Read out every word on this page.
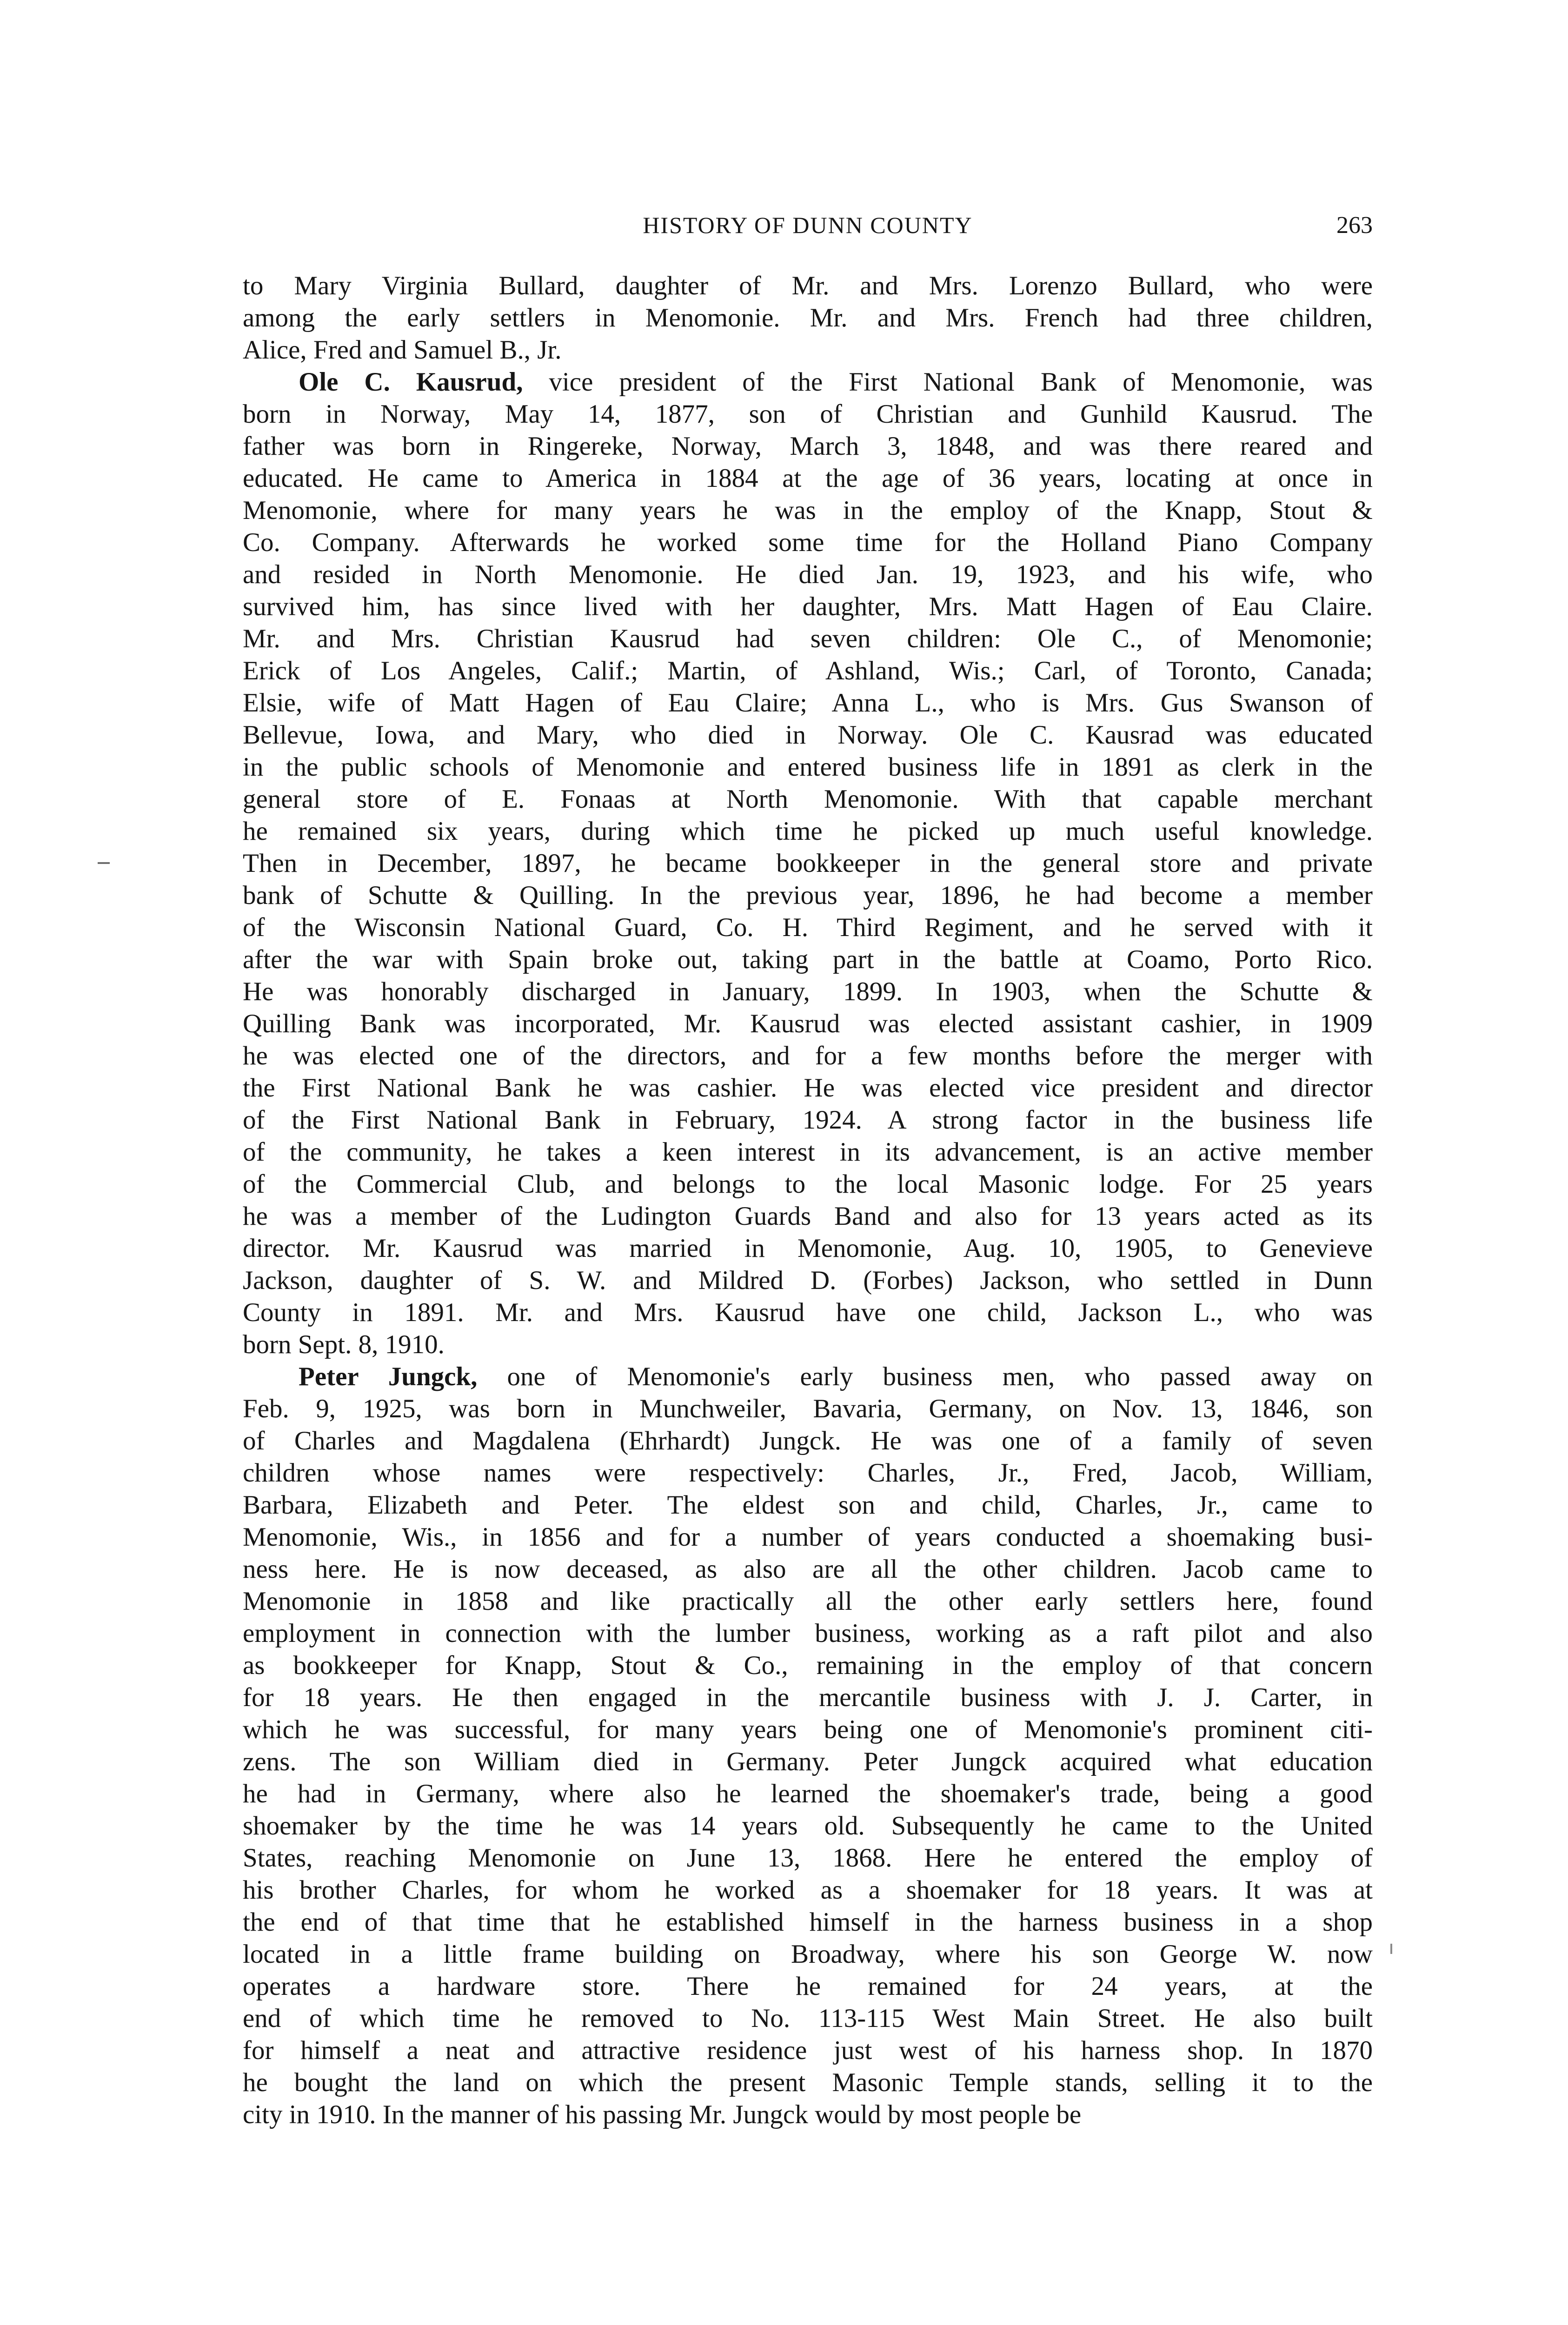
HISTORY OF DUNN COUNTY	263
to Mary Virginia Bullard, daughter of Mr. and Mrs. Lorenzo Bullard, who were
among the early settlers in Menomonie. Mr. and Mrs. French had three children,
Alice, Fred and Samuel B., Jr.
Ole C. Kausrud, vice president of the First National Bank of Menomonie, was
born in Norway, May 14, 1877, son of Christian and Gunhild Kausrud. The
father was born in Ringereke, Norway, March 3, 1848, and was there reared and
educated. He came to America in 1884 at the age of 36 years, locating at once in
Menomonie, where for many years he was in the employ of the Knapp, Stout &
Co. Company. Afterwards he worked some time for the Holland Piano Company
and resided in North Menomonie. He died Jan. 19, 1923, and his wife, who
survived him, has since lived with her daughter, Mrs. Matt Hagen of Eau Claire.
Mr. and Mrs. Christian Kausrud had seven children: Ole C., of Menomonie;
Erick of Los Angeles, Calif.; Martin, of Ashland, Wis.; Carl, of Toronto, Canada;
Elsie, wife of Matt Hagen of Eau Claire; Anna L., who is Mrs. Gus Swanson of
Bellevue, Iowa, and Mary, who died in Norway. Ole C. Kausrad was educated
in the public schools of Menomonie and entered business life in 1891 as clerk in the
general store of E. Fonaas at North Menomonie. With that capable merchant
he remained six years, during which time he picked up much useful knowledge.
Then in December, 1897, he became bookkeeper in the general store and private
bank of Schutte & Quilling. In the previous year, 1896, he had become a member
of the Wisconsin National Guard, Co. H. Third Regiment, and he served with it
after the war with Spain broke out, taking part in the battle at Coamo, Porto Rico.
He was honorably discharged in January, 1899. In 1903, when the Schutte &
Quilling Bank was incorporated, Mr. Kausrud was elected assistant cashier, in 1909
he was elected one of the directors, and for a few months before the merger with
the First National Bank he was cashier. He was elected vice president and director
of the First National Bank in February, 1924. A strong factor in the business life
of the community, he takes a keen interest in its advancement, is an active member
of the Commercial Club, and belongs to the local Masonic lodge. For 25 years
he was a member of the Ludington Guards Band and also for 13 years acted as its
director. Mr. Kausrud was married in Menomonie, Aug. 10, 1905, to Genevieve
Jackson, daughter of S. W. and Mildred D. (Forbes) Jackson, who settled in Dunn
County in 1891. Mr. and Mrs. Kausrud have one child, Jackson L., who was
born Sept. 8, 1910.
Peter Jungck, one of Menomonie's early business men, who passed away on
Feb. 9, 1925, was born in Munchweiler, Bavaria, Germany, on Nov. 13, 1846, son
of Charles and Magdalena (Ehrhardt) Jungck. He was one of a family of seven
children whose names were respectively: Charles, Jr., Fred, Jacob, William,
Barbara, Elizabeth and Peter. The eldest son and child, Charles, Jr., came to
Menomonie, Wis., in 1856 and for a number of years conducted a shoemaking busi-
ness here. He is now deceased, as also are all the other children. Jacob came to
Menomonie in 1858 and like practically all the other early settlers here, found
employment in connection with the lumber business, working as a raft pilot and also
as bookkeeper for Knapp, Stout & Co., remaining in the employ of that concern
for 18 years. He then engaged in the mercantile business with J. J. Carter, in
which he was successful, for many years being one of Menomonie's prominent citi-
zens. The son William died in Germany. Peter Jungck acquired what education
he had in Germany, where also he learned the shoemaker's trade, being a good
shoemaker by the time he was 14 years old. Subsequently he came to the United
States, reaching Menomonie on June 13, 1868. Here he entered the employ of
his brother Charles, for whom he worked as a shoemaker for 18 years. It was at
the end of that time that he established himself in the harness business in a shop
located in a little frame building on Broadway, where his son George W. now
operates a hardware store. There he remained for 24 years, at the
end of which time he removed to No. 113-115 West Main Street. He also built
for himself a neat and attractive residence just west of his harness shop. In 1870
he bought the land on which the present Masonic Temple stands, selling it to the
city in 1910. In the manner of his passing Mr. Jungck would by most people be
